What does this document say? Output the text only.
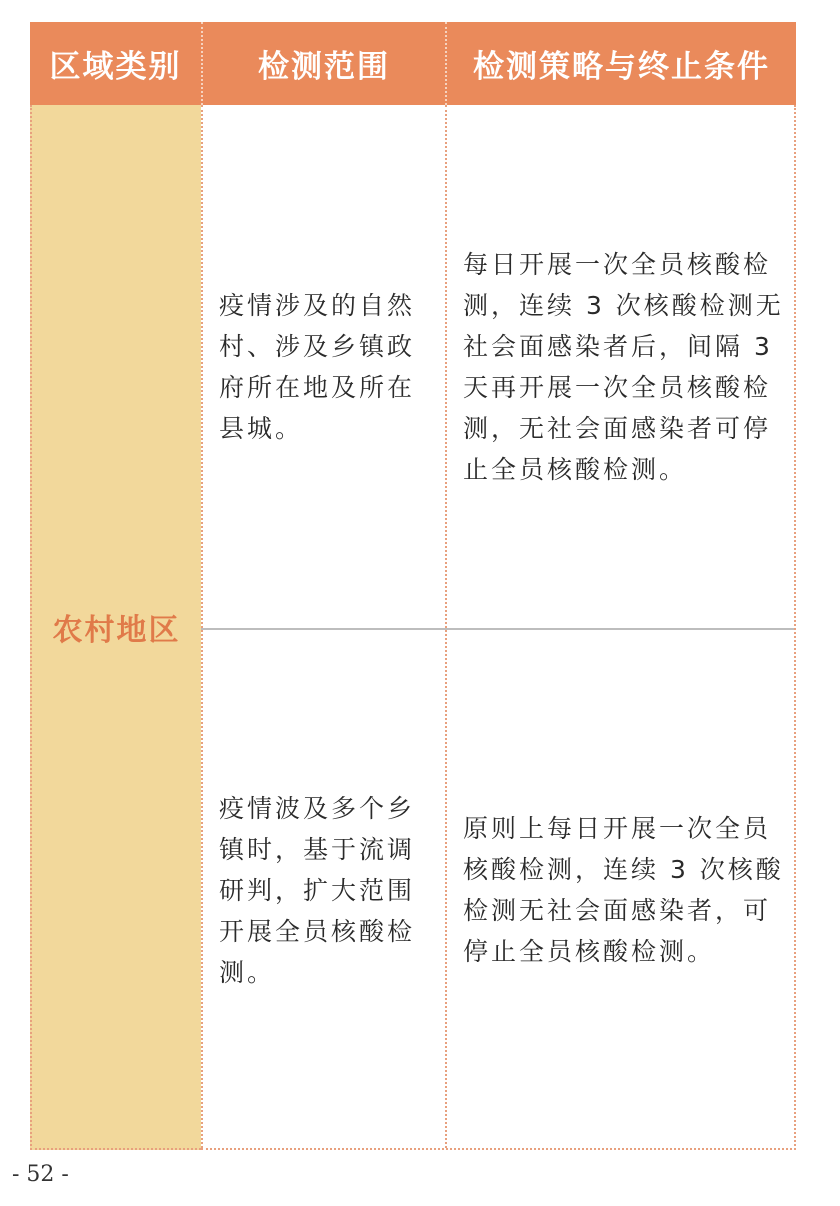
区域类别	检测范围	检测策略与终止条件
农村地区
疫情涉及的自然村、涉及乡镇政府所在地及所在县城。
每日开展一次全员核酸检测，连续 3 次核酸检测无社会面感染者后，间隔 3 天再开展一次全员核酸检测，无社会面感染者可停止全员核酸检测。
疫情波及多个乡镇时，基于流调研判，扩大范围开展全员核酸检测。
原则上每日开展一次全员核酸检测，连续 3 次核酸检测无社会面感染者，可停止全员核酸检测。
- 52 -
